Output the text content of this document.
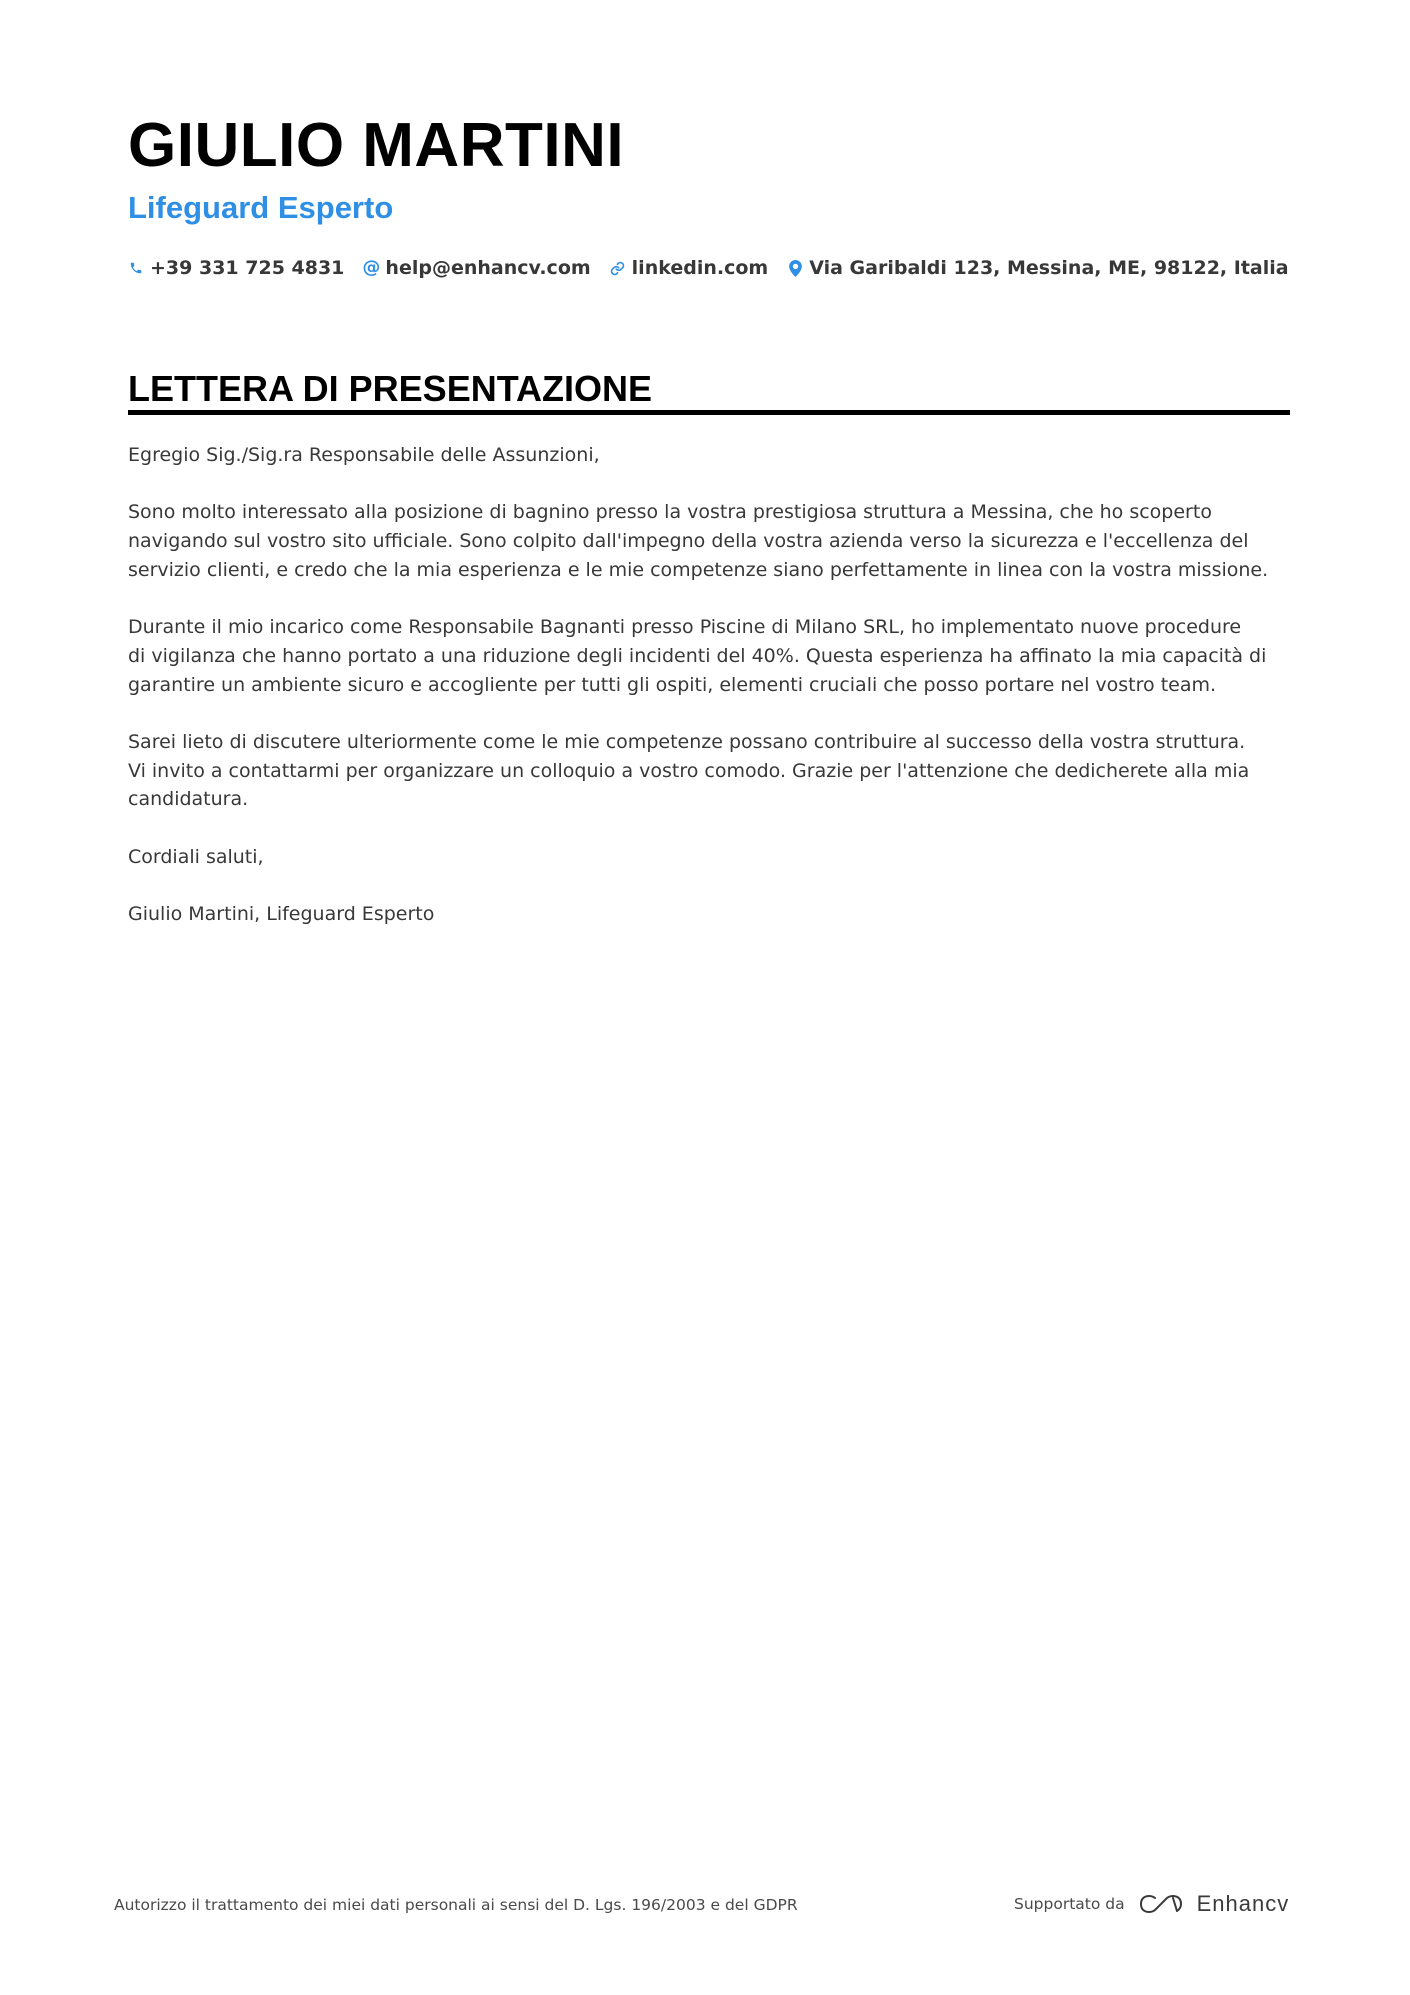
GIULIO MARTINI
Lifeguard Esperto
+39 331 725 4831 @ help@enhancv.com linkedin.com Via Garibaldi 123, Messina, ME, 98122, Italia
LETTERA DI PRESENTAZIONE

Egregio Sig./Sig.ra Responsabile delle Assunzioni,

Sono molto interessato alla posizione di bagnino presso la vostra prestigiosa struttura a Messina, che ho scoperto
navigando sul vostro sito ufficiale. Sono colpito dall'impegno della vostra azienda verso la sicurezza e l'eccellenza del
servizio clienti, e credo che la mia esperienza e le mie competenze siano perfettamente in linea con la vostra missione.

Durante il mio incarico come Responsabile Bagnanti presso Piscine di Milano SRL, ho implementato nuove procedure
di vigilanza che hanno portato a una riduzione degli incidenti del 40%. Questa esperienza ha affinato la mia capacità di
garantire un ambiente sicuro e accogliente per tutti gli ospiti, elementi cruciali che posso portare nel vostro team.

Sarei lieto di discutere ulteriormente come le mie competenze possano contribuire al successo della vostra struttura.
Vi invito a contattarmi per organizzare un colloquio a vostro comodo. Grazie per l'attenzione che dedicherete alla mia
candidatura.

Cordiali saluti,

Giulio Martini, Lifeguard Esperto

Autorizzo il trattamento dei miei dati personali ai sensi del D. Lgs. 196/2003 e del GDPR	Supportato da	Enhancv
